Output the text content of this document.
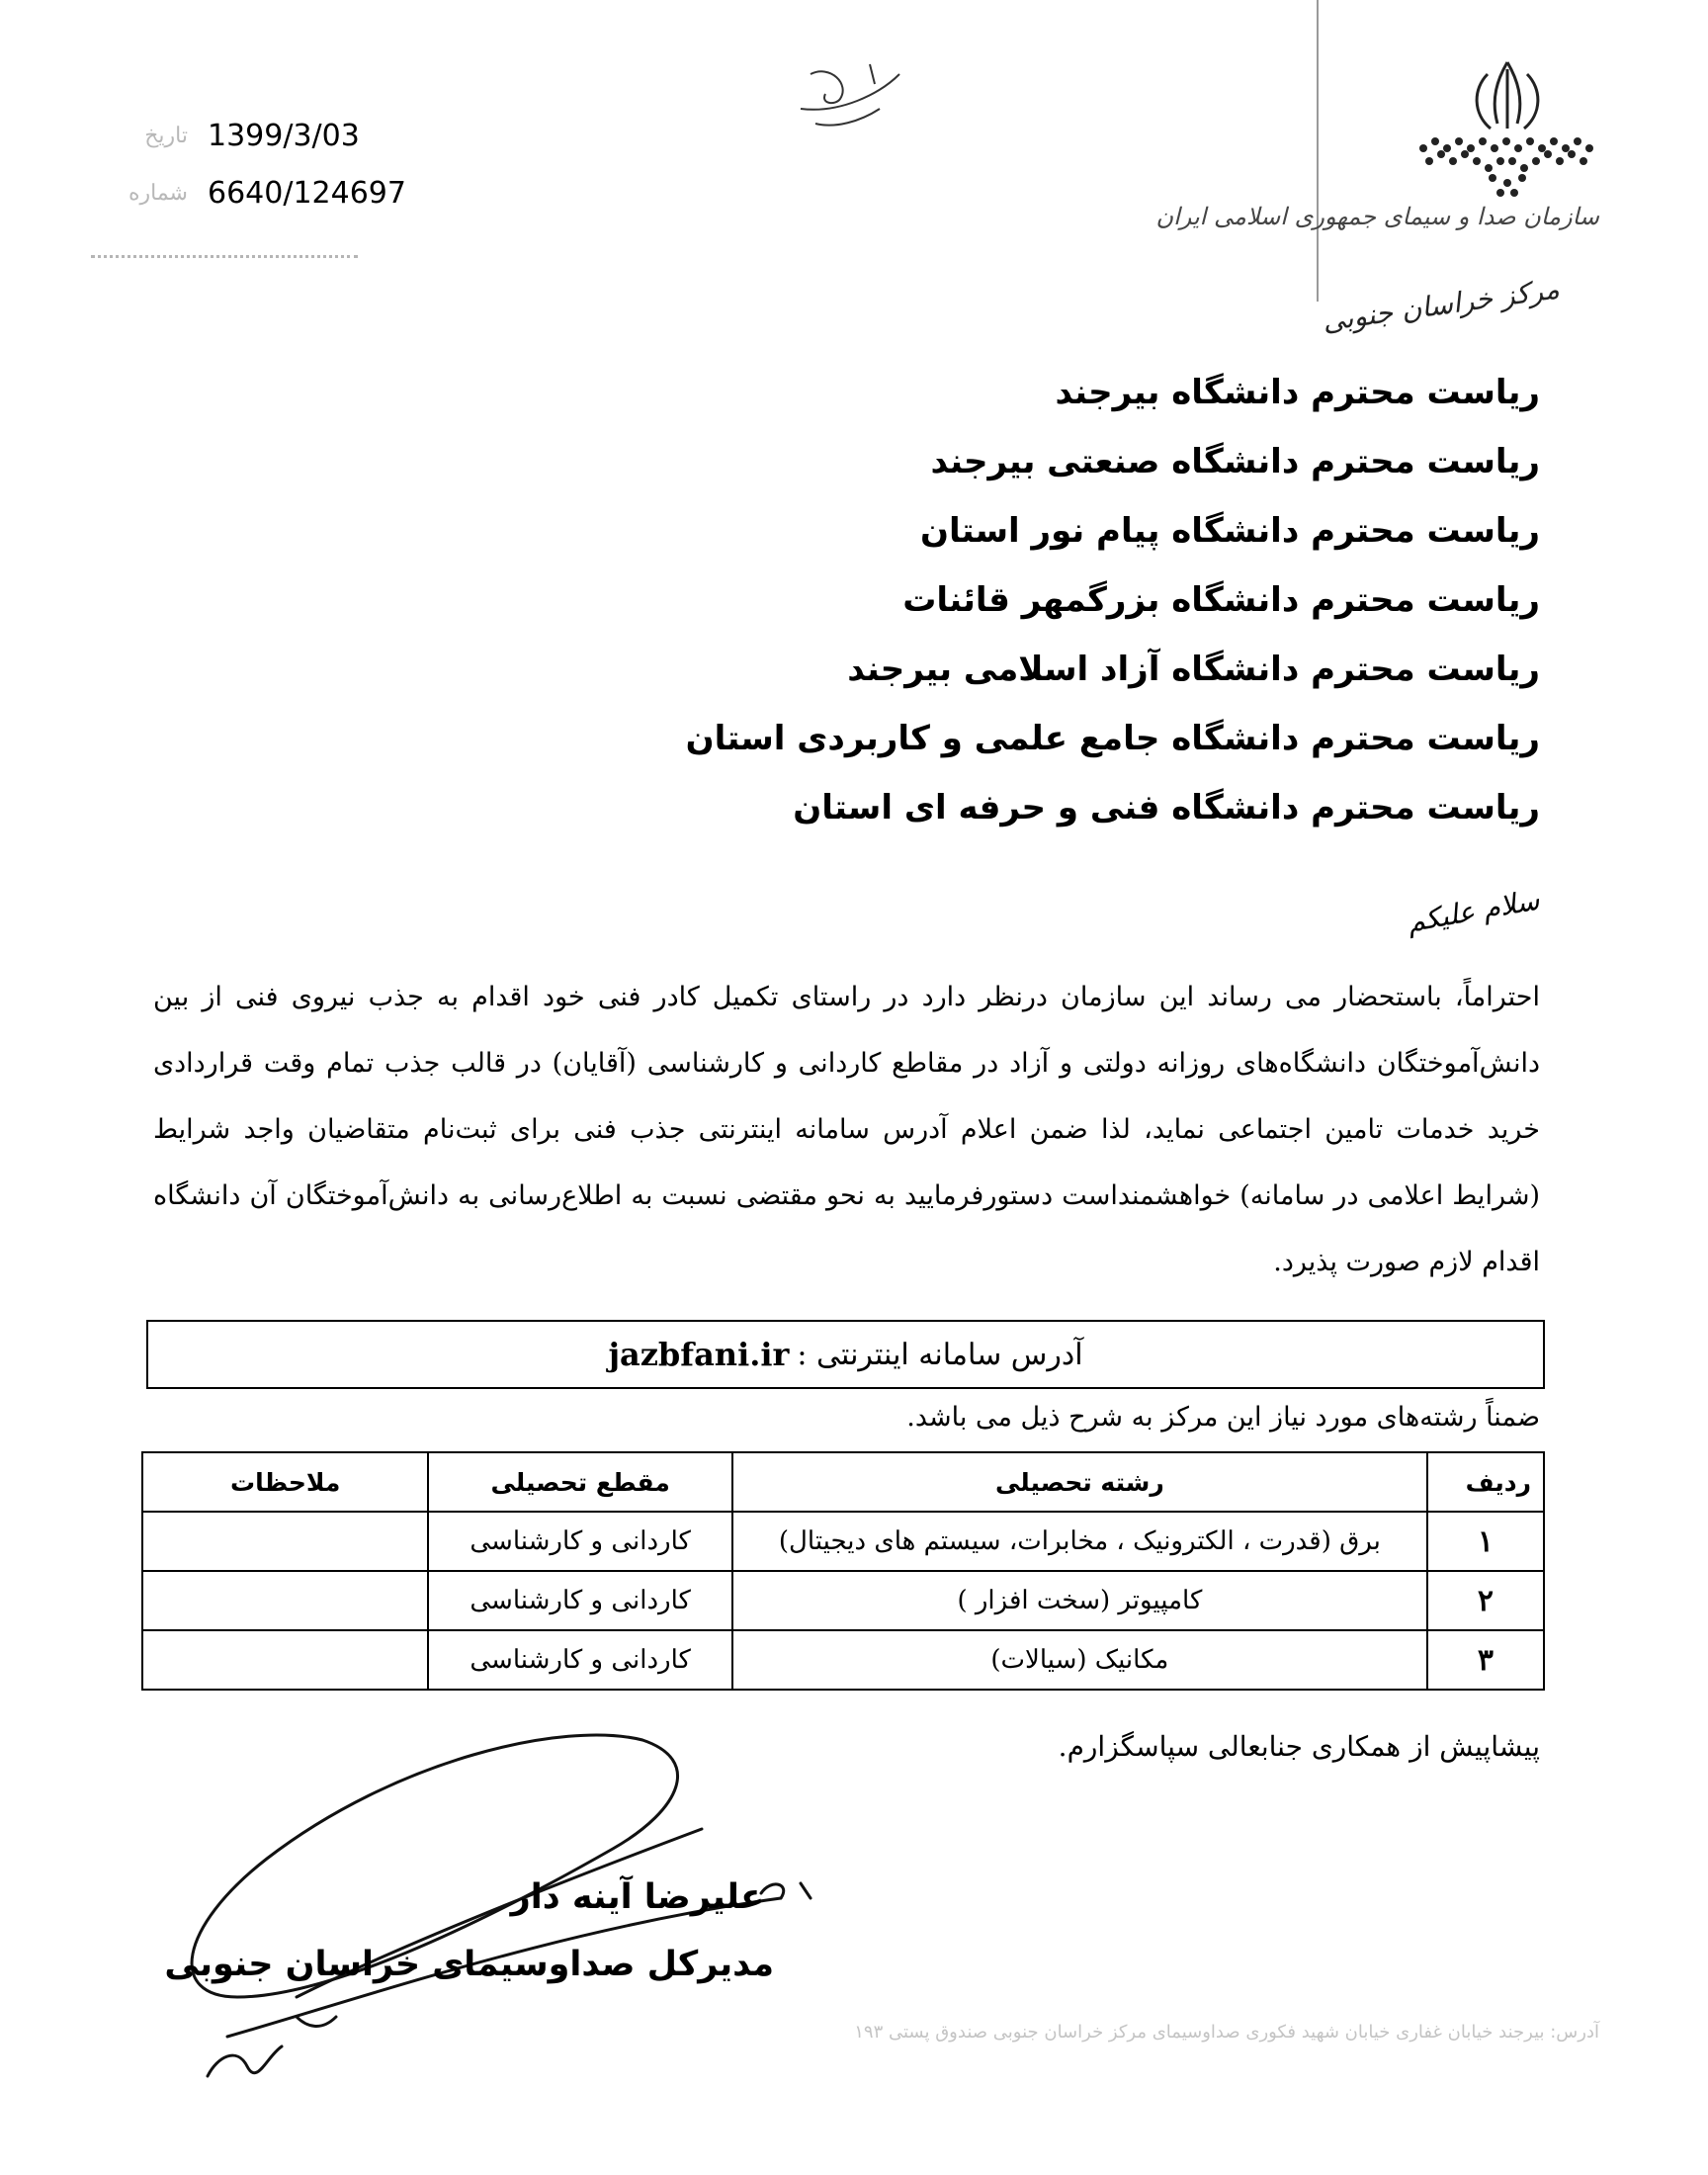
تاریخ 1399/3/03
شماره 6640/124697
سازمان صدا و سیمای جمهوری اسلامی ایران
مرکز خراسان جنوبی
ریاست محترم دانشگاه بیرجند
ریاست محترم دانشگاه صنعتی بیرجند
ریاست محترم دانشگاه پیام نور استان
ریاست محترم دانشگاه بزرگمهر قائنات
ریاست محترم دانشگاه آزاد اسلامی بیرجند
ریاست محترم دانشگاه جامع علمی و کاربردی استان
ریاست محترم دانشگاه فنی و حرفه ای استان
سلام علیکم
احتراماً، باستحضار می رساند این سازمان درنظر دارد در راستای تکمیل کادر فنی خود اقدام به جذب نیروی فنی از بین دانش‌آموختگان دانشگاه‌های روزانه دولتی و آزاد در مقاطع کاردانی و کارشناسی (آقایان) در قالب جذب تمام وقت قراردادی خرید خدمات تامین اجتماعی نماید، لذا ضمن اعلام آدرس سامانه اینترنتی جذب فنی برای ثبت‌نام متقاضیان واجد شرایط (شرایط اعلامی در سامانه) خواهشمنداست دستورفرمایید به نحو مقتضی نسبت به اطلاع‌رسانی به دانش‌آموختگان آن دانشگاه اقدام لازم صورت پذیرد.
آدرس سامانه اینترنتی :
jazbfani.ir
ضمناً رشته‌های مورد نیاز این مرکز به شرح ذیل می باشد.
ردیف	رشته تحصیلی	مقطع تحصیلی	ملاحظات
۱	برق (قدرت ، الکترونیک ، مخابرات، سیستم های دیجیتال)	کاردانی و کارشناسی	
۲	کامپیوتر (سخت افزار )	کاردانی و کارشناسی	
۳	مکانیک (سیالات)	کاردانی و کارشناسی	
پیشاپیش از همکاری جنابعالی سپاسگزارم.
علیرضا آینه دار
مدیرکل صداوسیمای خراسان جنوبی
آدرس: بیرجند خیابان غفاری خیابان شهید فکوری صداوسیمای مرکز خراسان جنوبی صندوق پستی ۱۹۳
